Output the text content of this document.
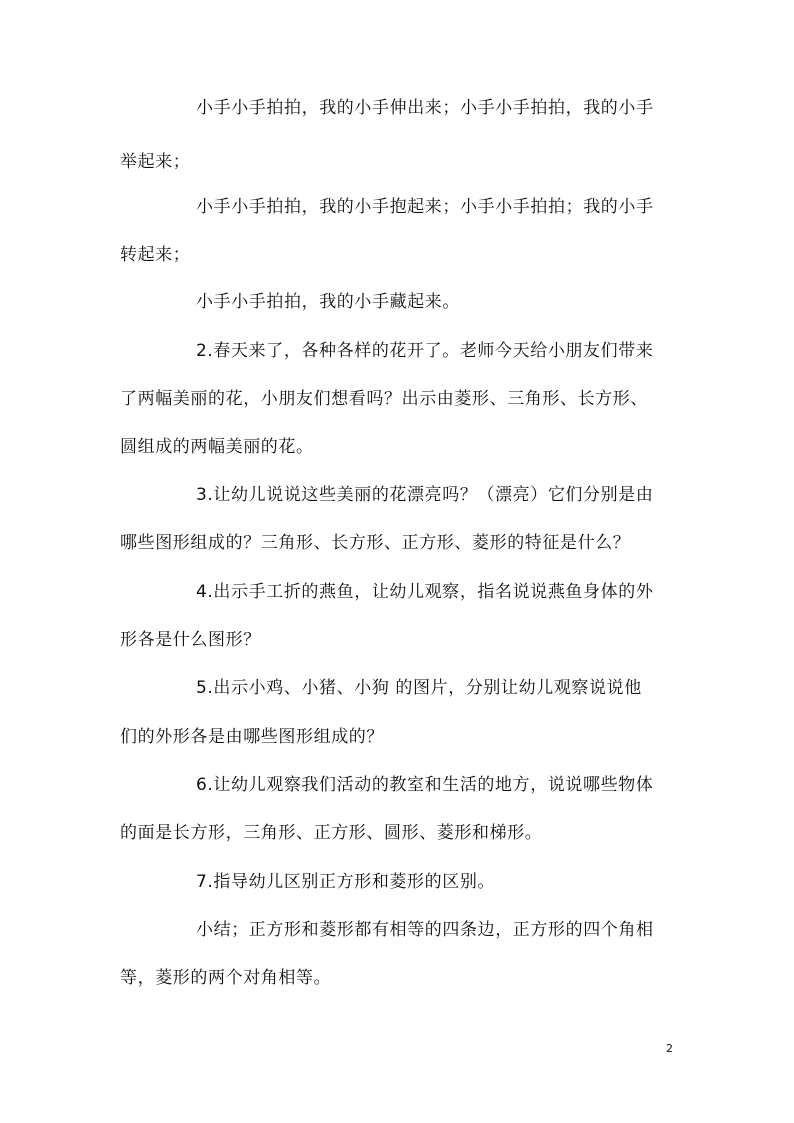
小手小手拍拍，我的小手伸出来；小手小手拍拍，我的小手
举起来；
小手小手拍拍，我的小手抱起来；小手小手拍拍；我的小手
转起来；
小手小手拍拍，我的小手藏起来。
2.春天来了，各种各样的花开了。老师今天给小朋友们带来
了两幅美丽的花，小朋友们想看吗？出示由菱形、三角形、长方形、
圆组成的两幅美丽的花。
3.让幼儿说说这些美丽的花漂亮吗？（漂亮）它们分别是由
哪些图形组成的？三角形、长方形、正方形、菱形的特征是什么？
4.出示手工折的燕鱼，让幼儿观察，指名说说燕鱼身体的外
形各是什么图形？
5.出示小鸡、小猪、小狗 的图片，分别让幼儿观察说说他
们的外形各是由哪些图形组成的？
6.让幼儿观察我们活动的教室和生活的地方，说说哪些物体
的面是长方形，三角形、正方形、圆形、菱形和梯形。
7.指导幼儿区别正方形和菱形的区别。
小结；正方形和菱形都有相等的四条边，正方形的四个角相
等，菱形的两个对角相等。
2
